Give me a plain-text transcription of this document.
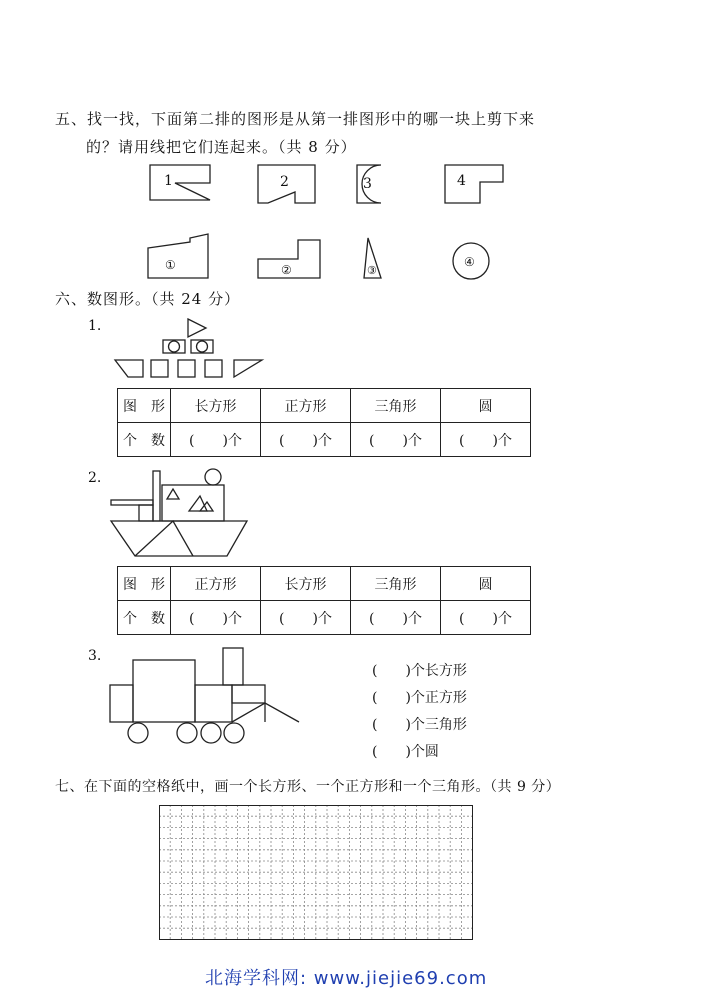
五、找一找，下面第二排的图形是从第一排图形中的哪一块上剪下来
的？请用线把它们连起来。（共 8 分）
1	2	3	4
①	②	③
④
六、数图形。（共 24 分）
1.
图　形	长方形	正方形	三角形	圆
个　数	(　　)个	(　　)个	(　　)个	(　　)个
2.
图　形	正方形	长方形	三角形	圆
个　数	(　　)个	(　　)个	(　　)个	(　　)个
3.
(　　)个长方形
(　　)个正方形
(　　)个三角形
(　　)个圆
七、在下面的空格纸中，画一个长方形、一个正方形和一个三角形。（共 9 分）
北海学科网: www.jiejie69.com
